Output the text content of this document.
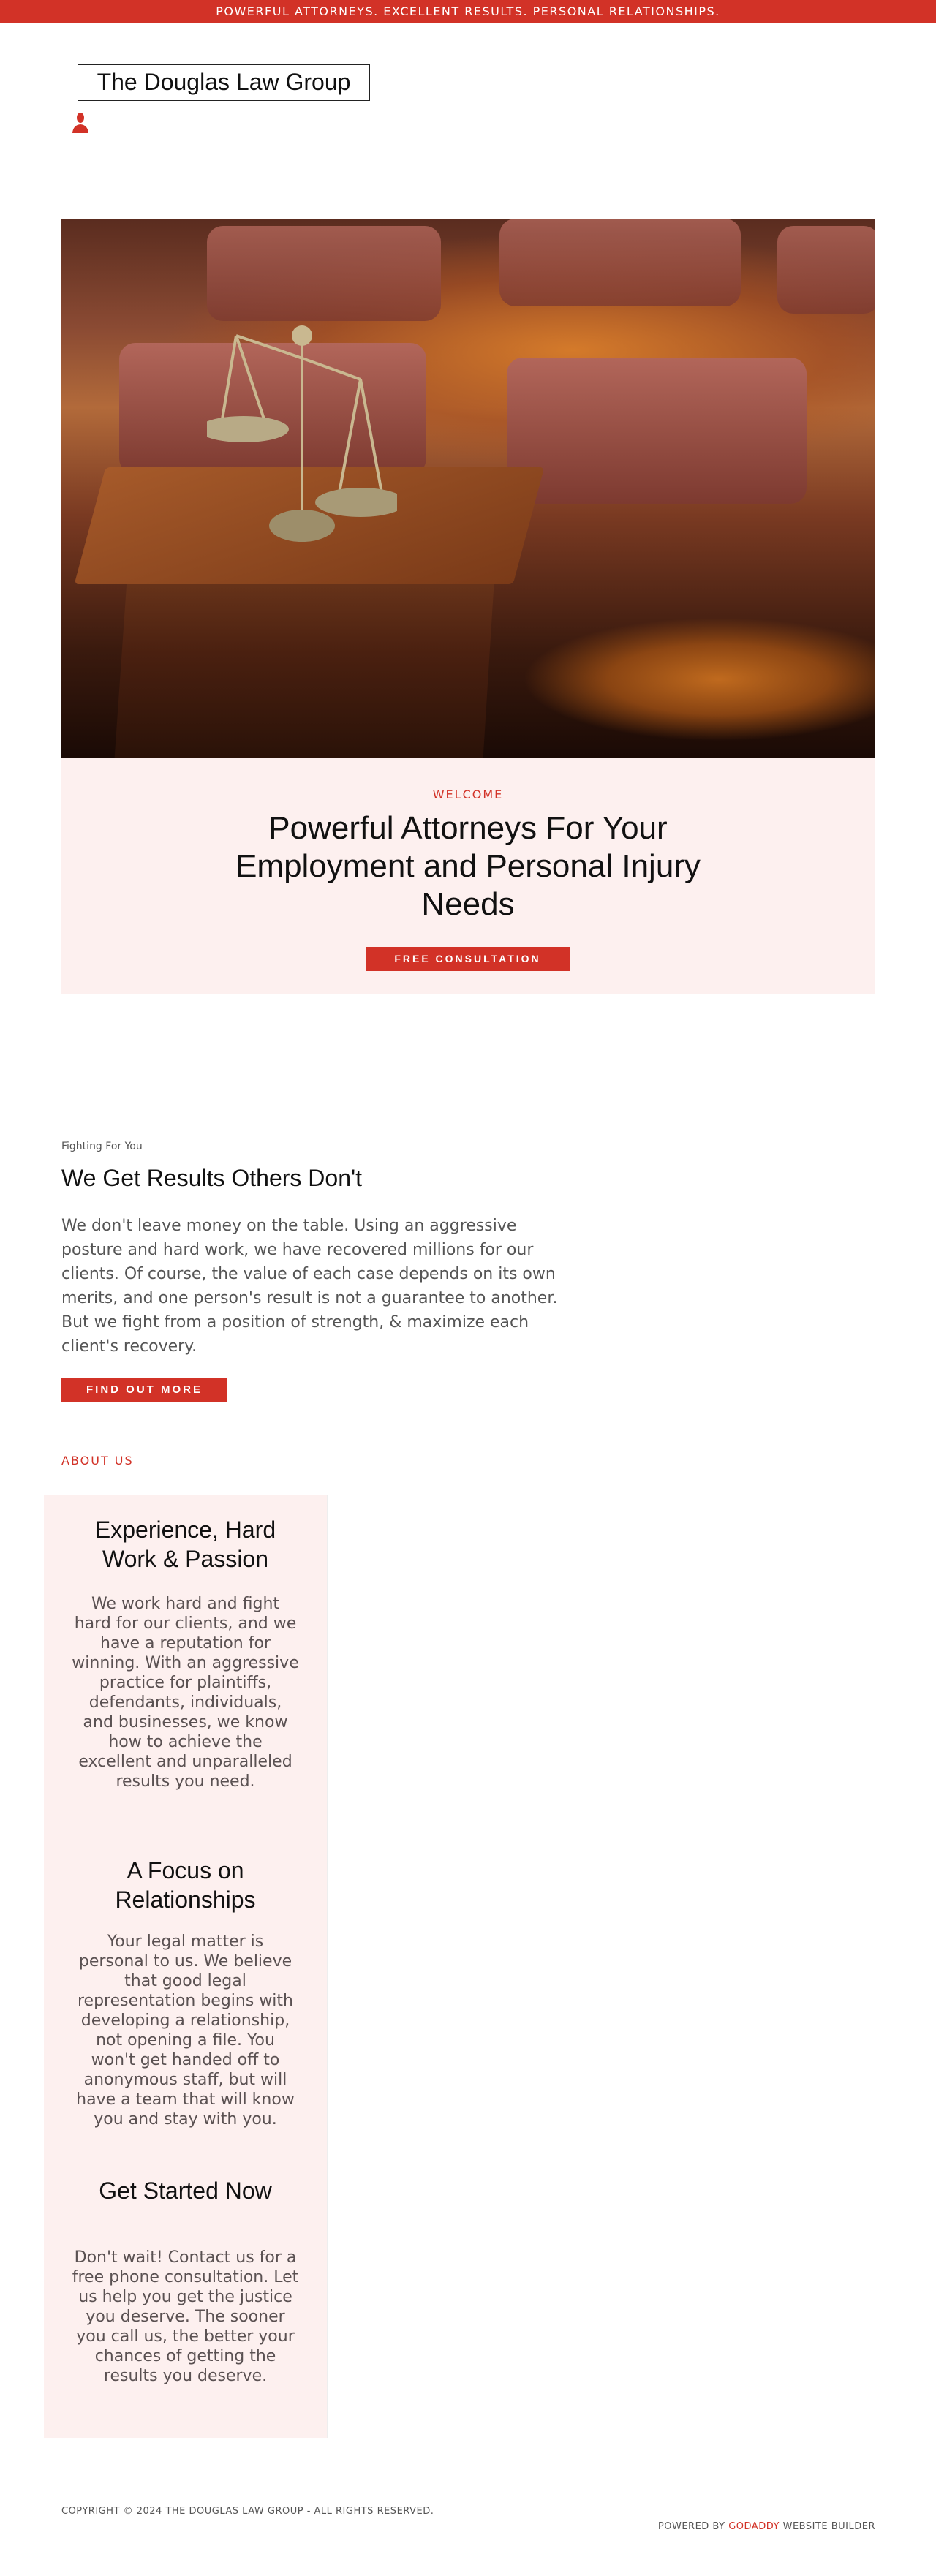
POWERFUL ATTORNEYS. EXCELLENT RESULTS. PERSONAL RELATIONSHIPS.
The Douglas Law Group
WELCOME
Powerful Attorneys For Your Employment and Personal Injury Needs
FREE CONSULTATION
Fighting For You
We Get Results Others Don't

We don't leave money on the table. Using an aggressive posture and hard work, we have recovered millions for our clients. Of course, the value of each case depends on its own merits, and one person's result is not a guarantee to another. But we fight from a position of strength, & maximize each client's recovery.

FIND OUT MORE
ABOUT US
Experience, Hard Work & Passion

We work hard and fight hard for our clients, and we have a reputation for winning. With an aggressive practice for plaintiffs, defendants, individuals, and businesses, we know how to achieve the excellent and unparalleled results you need.

A Focus on Relationships

Your legal matter is personal to us. We believe that good legal representation begins with developing a relationship, not opening a file. You won't get handed off to anonymous staff, but will have a team that will know you and stay with you.

Get Started Now

Don't wait! Contact us for a free phone consultation. Let us help you get the justice you deserve. The sooner you call us, the better your chances of getting the results you deserve.

COPYRIGHT © 2024 THE DOUGLAS LAW GROUP - ALL RIGHTS RESERVED.
POWERED BY GODADDY WEBSITE BUILDER
